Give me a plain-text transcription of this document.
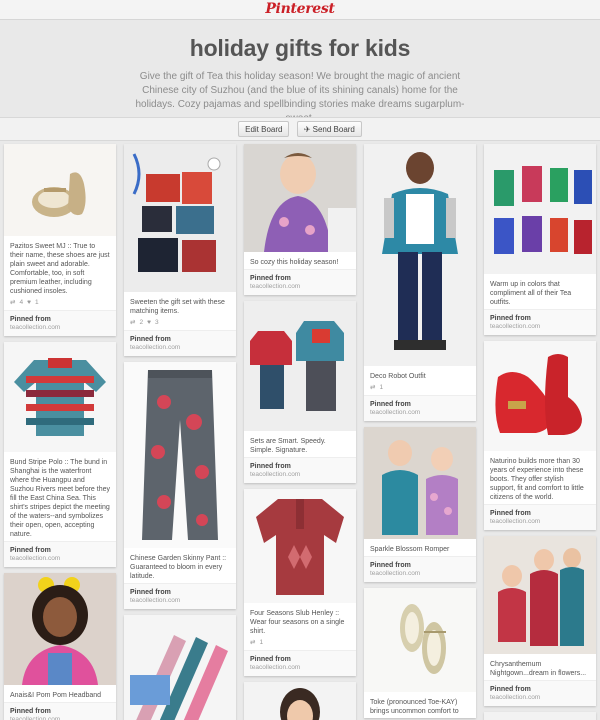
Pinterest
holiday gifts for kids
Give the gift of Tea this holiday season! We brought the magic of ancient Chinese city of Suzhou (and the blue of its shining canals) home for the holidays. Cozy pajamas and spellbinding stories make dreams sugarplum-
Edit Board	✈ Send Board
Pazitos Sweet MJ :: True to their name, these shoes are just plain sweet and adorable. Comfortable, too, in soft premium leather, including cushioned insoles.
⇄ 4 ♥ 1
Pinned from
teacollection.com
Bund Stripe Polo :: The bund in Shanghai is the waterfront where the Huangpu and Suzhou Rivers meet before they fill the East China Sea. This shirt's stripes depict the meeting of the waters--and symbolizes their open, open, accepting nature.
Pinned from
teacollection.com
Anais&I Pom Pom Headband
Pinned from
teacollection.com
Sweeten the gift set with these matching items.
⇄ 2 ♥ 3
Pinned from
teacollection.com
Chinese Garden Skinny Pant :: Guaranteed to bloom in every latitude.
Pinned from
teacollection.com
So cozy this holiday season!
Pinned from
teacollection.com
Sets are Smart. Speedy. Simple. Signature.
Pinned from
teacollection.com
Four Seasons Slub Henley :: Wear four seasons on a single shirt.
⇄ 1
Pinned from
teacollection.com
Deco Robot Outfit
⇄ 1
Pinned from
teacollection.com
Sparkle Blossom Romper
Pinned from
teacollection.com
Toke (pronounced Toe-KAY) brings uncommon comfort to
Warm up in colors that compliment all of their Tea outfits.
Pinned from
teacollection.com
Naturino builds more than 30 years of experience into these boots. They offer stylish support, fit and comfort to little citizens of the world.
Pinned from
teacollection.com
Chrysanthemum Nightgown...dream in flowers...
Pinned from
teacollection.com
